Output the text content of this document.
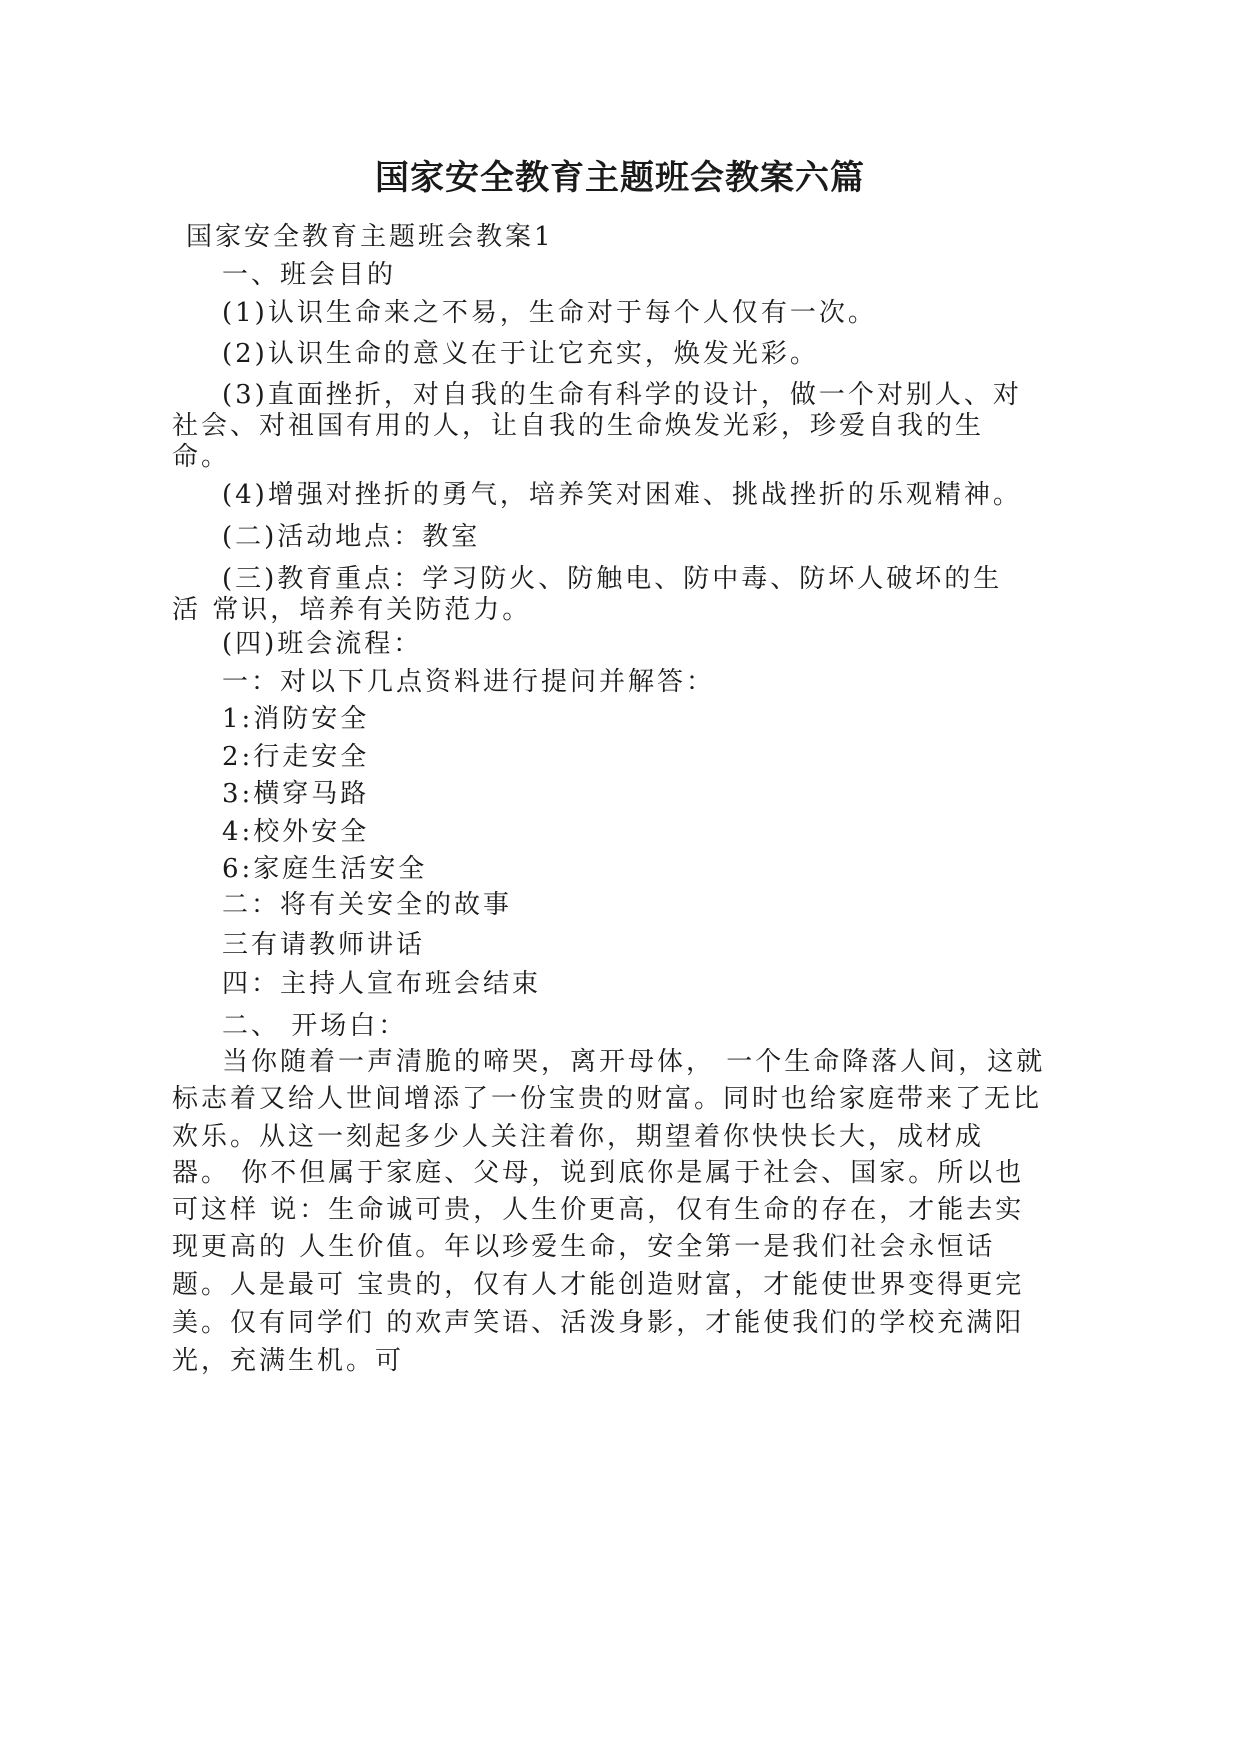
国家安全教育主题班会教案六篇
国家安全教育主题班会教案1
一、班会目的
(1)认识生命来之不易，生命对于每个人仅有一次。
(2)认识生命的意义在于让它充实，焕发光彩。
(3)直面挫折，对自我的生命有科学的设计，做一个对别人、对
社会、对祖国有用的人，让自我的生命焕发光彩，珍爱自我的生
命。
(4)增强对挫折的勇气，培养笑对困难、挑战挫折的乐观精神。
(二)活动地点：教室
(三)教育重点：学习防火、防触电、防中毒、防坏人破坏的生
活 常识，培养有关防范力。
(四)班会流程：
一：对以下几点资料进行提问并解答：
1:消防安全
2:行走安全
3:横穿马路
4:校外安全
6:家庭生活安全
二：将有关安全的故事
三有请教师讲话
四：主持人宣布班会结束
二、 开场白：
当你随着一声清脆的啼哭，离开母体， 一个生命降落人间，这就
标志着又给人世间增添了一份宝贵的财富。同时也给家庭带来了无比
欢乐。从这一刻起多少人关注着你，期望着你快快长大，成材成
器。 你不但属于家庭、父母，说到底你是属于社会、国家。所以也
可这样 说：生命诚可贵，人生价更高，仅有生命的存在，才能去实
现更高的 人生价值。年以珍爱生命，安全第一是我们社会永恒话
题。人是最可 宝贵的，仅有人才能创造财富，才能使世界变得更完
美。仅有同学们 的欢声笑语、活泼身影，才能使我们的学校充满阳
光，充满生机。可
